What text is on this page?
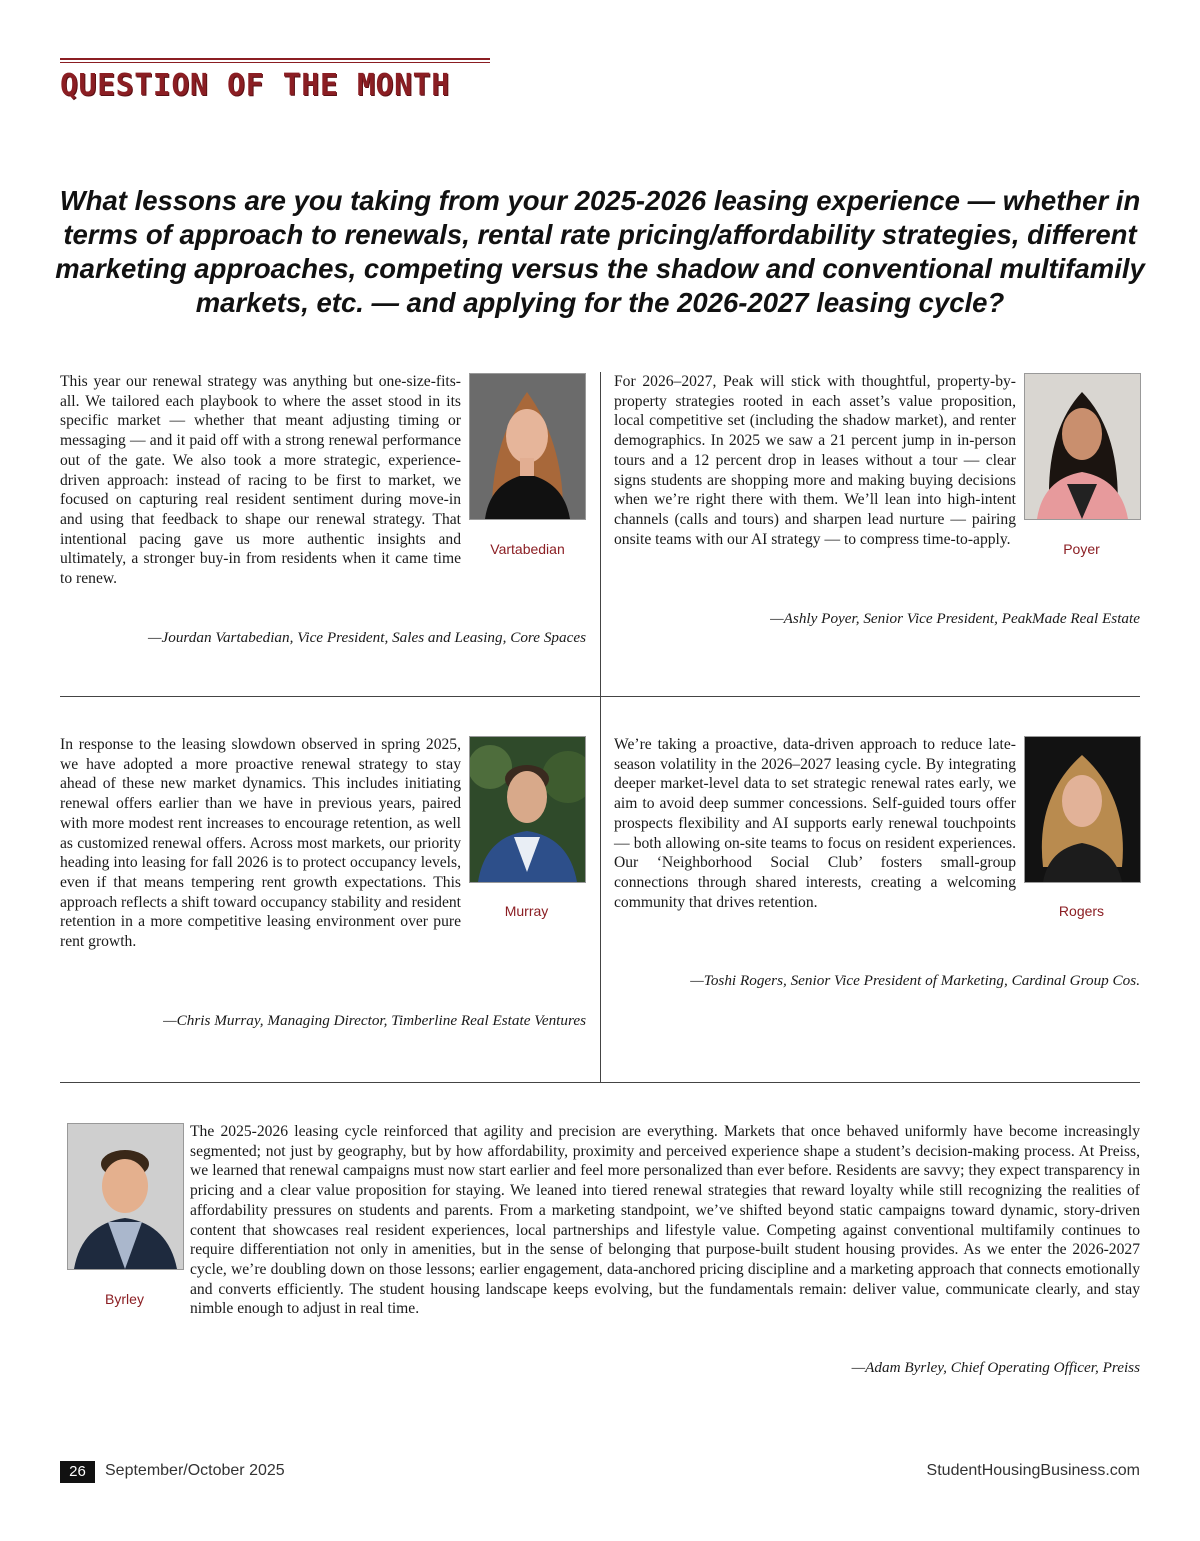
QUESTION OF THE MONTH
What lessons are you taking from your 2025-2026 leasing experience — whether in terms of approach to renewals, rental rate pricing/affordability strategies, different marketing approaches, competing versus the shadow and conventional multifamily markets, etc. — and applying for the 2026-2027 leasing cycle?

This year our renewal strategy was anything but one-size-fits-all. We tailored each playbook to where the asset stood in its specific market — whether that meant adjusting timing or messaging — and it paid off with a strong renewal performance out of the gate. We also took a more strategic, experience-driven approach: instead of racing to be first to market, we focused on capturing real resident sentiment during move-in and using that feedback to shape our renewal strategy. That intentional pacing gave us more authentic insights and ultimately, a stronger buy-in from residents when it came time to renew.

Vartabedian

—Jourdan Vartabedian, Vice President, Sales and Leasing, Core Spaces

For 2026–2027, Peak will stick with thoughtful, property-by-property strategies rooted in each asset’s value proposition, local competitive set (including the shadow market), and renter demographics. In 2025 we saw a 21 percent jump in in-person tours and a 12 percent drop in leases without a tour — clear signs students are shopping more and making buying decisions when we’re right there with them. We’ll lean into high-intent channels (calls and tours) and sharpen lead nurture — pairing onsite teams with our AI strategy — to compress time-to-apply.

Poyer

—Ashly Poyer, Senior Vice President, PeakMade Real Estate

In response to the leasing slowdown observed in spring 2025, we have adopted a more proactive renewal strategy to stay ahead of these new market dynamics. This includes initiating renewal offers earlier than we have in previous years, paired with more modest rent increases to encourage retention, as well as customized renewal offers. Across most markets, our priority heading into leasing for fall 2026 is to protect occupancy levels, even if that means tempering rent growth expectations. This approach reflects a shift toward occupancy stability and resident retention in a more competitive leasing environment over pure rent growth.

Murray

—Chris Murray, Managing Director, Timberline Real Estate Ventures

We’re taking a proactive, data-driven approach to reduce late-season volatility in the 2026–2027 leasing cycle. By integrating deeper market-level data to set strategic renewal rates early, we aim to avoid deep summer concessions. Self-guided tours offer prospects flexibility and AI supports early renewal touchpoints — both allowing on-site teams to focus on resident experiences. Our ‘Neighborhood Social Club’ fosters small-group connections through shared interests, creating a welcoming community that drives retention.

Rogers

—Toshi Rogers, Senior Vice President of Marketing, Cardinal Group Cos.

Byrley

The 2025-2026 leasing cycle reinforced that agility and precision are everything. Markets that once behaved uniformly have become increasingly segmented; not just by geography, but by how affordability, proximity and perceived experience shape a student’s decision-making process. At Preiss, we learned that renewal campaigns must now start earlier and feel more personalized than ever before. Residents are savvy; they expect transparency in pricing and a clear value proposition for staying. We leaned into tiered renewal strategies that reward loyalty while still recognizing the realities of affordability pressures on students and parents. From a marketing standpoint, we’ve shifted beyond static campaigns toward dynamic, story-driven content that showcases real resident experiences, local partnerships and lifestyle value. Competing against conventional multifamily continues to require differentiation not only in amenities, but in the sense of belonging that purpose-built student housing provides. As we enter the 2026-2027 cycle, we’re doubling down on those lessons; earlier engagement, data-anchored pricing discipline and a marketing approach that connects emotionally and converts efficiently. The student housing landscape keeps evolving, but the fundamentals remain: deliver value, communicate clearly, and stay nimble enough to adjust in real time.

—Adam Byrley, Chief Operating Officer, Preiss

26	September/October 2025	StudentHousingBusiness.com
